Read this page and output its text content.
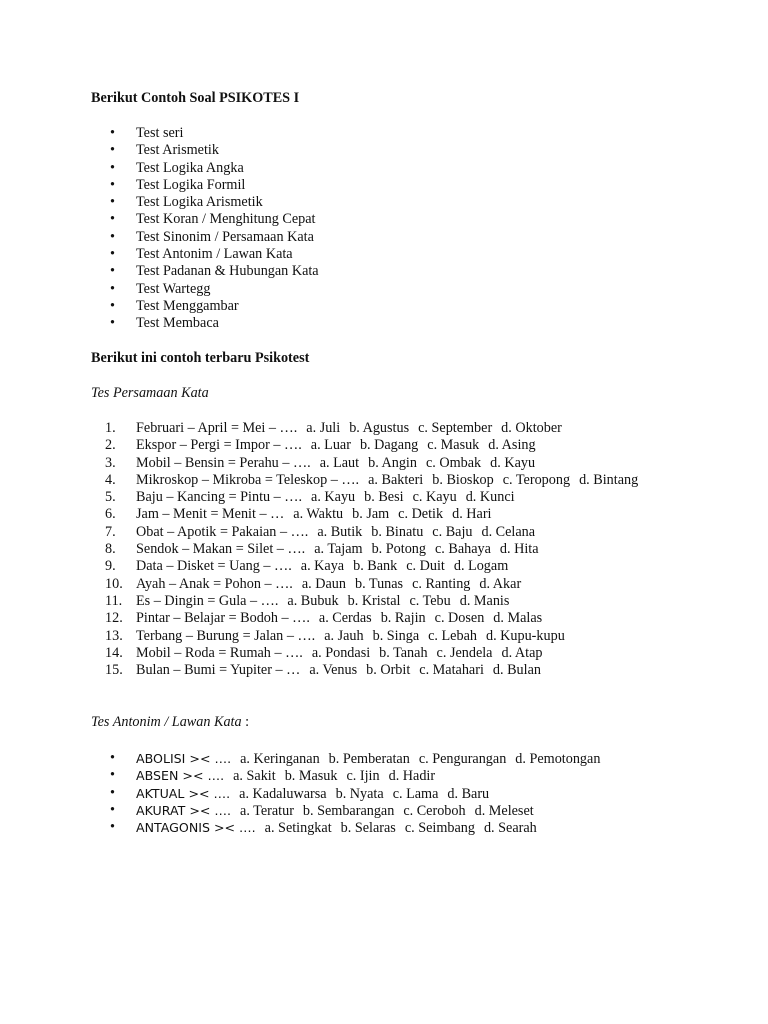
Berikut Contoh Soal PSIKOTES I
• Test seri
• Test Arismetik
• Test Logika Angka
• Test Logika Formil
• Test Logika Arismetik
• Test Koran / Menghitung Cepat
• Test Sinonim / Persamaan Kata
• Test Antonim / Lawan Kata
• Test Padanan & Hubungan Kata
• Test Wartegg
• Test Menggambar
• Test Membaca
Berikut ini contoh terbaru Psikotest
Tes Persamaan Kata
1.	Februari – April = Mei – …. a. Juli b. Agustus c. September d. Oktober
2.	Ekspor – Pergi = Impor – …. a. Luar b. Dagang c. Masuk d. Asing
3.	Mobil – Bensin = Perahu – …. a. Laut b. Angin c. Ombak d. Kayu
4.	Mikroskop – Mikroba = Teleskop – …. a. Bakteri b. Bioskop c. Teropong d. Bintang
5.	Baju – Kancing = Pintu – …. a. Kayu b. Besi c. Kayu d. Kunci
6.	Jam – Menit = Menit – … a. Waktu b. Jam c. Detik d. Hari
7.	Obat – Apotik = Pakaian – …. a. Butik b. Binatu c. Baju d. Celana
8.	Sendok – Makan = Silet – …. a. Tajam b. Potong c. Bahaya d. Hita
9.	Data – Disket = Uang – …. a. Kaya b. Bank c. Duit d. Logam
10. Ayah – Anak = Pohon – …. a. Daun b. Tunas c. Ranting d. Akar
11. Es – Dingin = Gula – …. a. Bubuk b. Kristal c. Tebu d. Manis
12. Pintar – Belajar = Bodoh – …. a. Cerdas b. Rajin c. Dosen d. Malas
13. Terbang – Burung = Jalan – …. a. Jauh b. Singa c. Lebah d. Kupu-kupu
14. Mobil – Roda = Rumah – …. a. Pondasi b. Tanah c. Jendela d. Atap
15. Bulan – Bumi = Yupiter – … a. Venus b. Orbit c. Matahari d. Bulan
Tes Antonim / Lawan Kata :
• ABOLISI >< …. a. Keringanan b. Pemberatan c. Pengurangan d. Pemotongan
• ABSEN >< …. a. Sakit b. Masuk c. Ijin d. Hadir
• AKTUAL >< …. a. Kadaluwarsa b. Nyata c. Lama d. Baru
• AKURAT >< …. a. Teratur b. Sembarangan c. Ceroboh d. Meleset
• ANTAGONIS >< …. a. Setingkat b. Selaras c. Seimbang d. Searah
